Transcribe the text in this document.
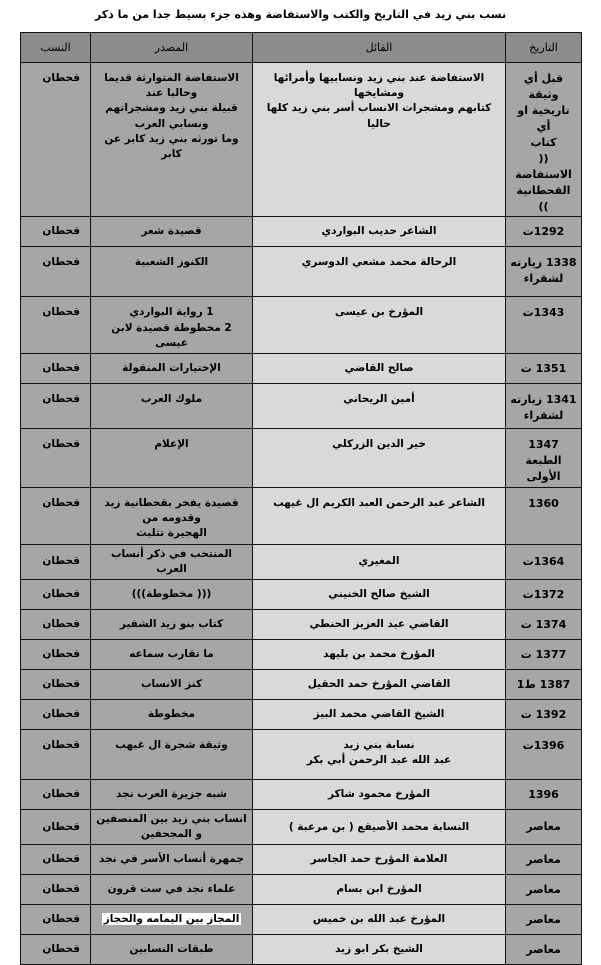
نسب بني زيد في التاريخ والكتب والاستفاضة وهذه جزء بسيط جدا من ما ذكر
التاريخ	القائل	المصدر	النسب

قبل أي وثيقة
تاريخية او أي
كتاب
(( الاستفاضة
القحطانية ))	الاستفاضة عند بني زيد ونسابيها وأمرائها ومشايخها
كتابهم ومشجرات الانساب أسر بني زيد كلها حاليا	الاستفاضة المتوارثة قديما وحاليا عند
قبيلة بني زيد ومشجراتهم ونسابي العرب
وما تورثه بني زيد كابر عن كابر	قحطان

1292ت	الشاعر حديب البواردي	قصيدة شعر	قحطان

1338 زيارته
لشقراء	الرحالة محمد مشعي الدوسري	الكنوز الشعبية	قحطان

1343ت	المؤرخ بن عيسى	1 رواية البواردي
2 مخطوطة قصيدة لابن عيسى	قحطان

1351 ت	صالح القاضي	الإختيارات المنقولة	قحطان

1341 زيارته
لشقراء	أمين الريحاني	ملوك العرب	قحطان

1347 الطبعة
الأولى	خير الدين الزركلي	الإعلام	قحطان

1360	الشاعر عبد الرحمن العبد الكريم ال غيهب	قصيدة يفخر بقحطانية زيد وقدومه من
الهجيرة تثليث	قحطان

1364ت	المغيري	المنتخب في ذكر أنساب العرب	قحطان

1372ت	الشيخ صالح الخنيني	((( مخطوطة)))	قحطان

1374 ت	القاضي عبد العزيز الحنطي	كتاب بنو زيد الشقير	قحطان

1377 ت	المؤرخ محمد بن بليهد	ما تقارب سماعه	قحطان

1387 ط1	القاضي المؤرخ حمد الحقيل	كنز الانساب	قحطان

1392 ت	الشيخ القاضي محمد البيز	مخطوطة	قحطان

1396ت	نسابة بني زيد
عبد الله عبد الرحمن أبي بكر	وثيقة شجرة ال غيهب	قحطان

1396	المؤرخ محمود شاكر	شبه جزيرة العرب نجد	قحطان

معاصر	النسابة محمد الأصيقع ( بن مرعبة )	انساب بني زيد بين المنصفين و المجحفين	قحطان

معاصر	العلامة المؤرخ حمد الجاسر	جمهرة أنساب الأسر في نجد	قحطان

معاصر	المؤرخ ابن بسام	علماء نجد في ست قرون	قحطان

معاصر	المؤرخ عبد الله بن خميس	المجاز بين اليمامه والحجاز	قحطان

معاصر	الشيخ بكر ابو زيد	طبقات النسابين	قحطان
